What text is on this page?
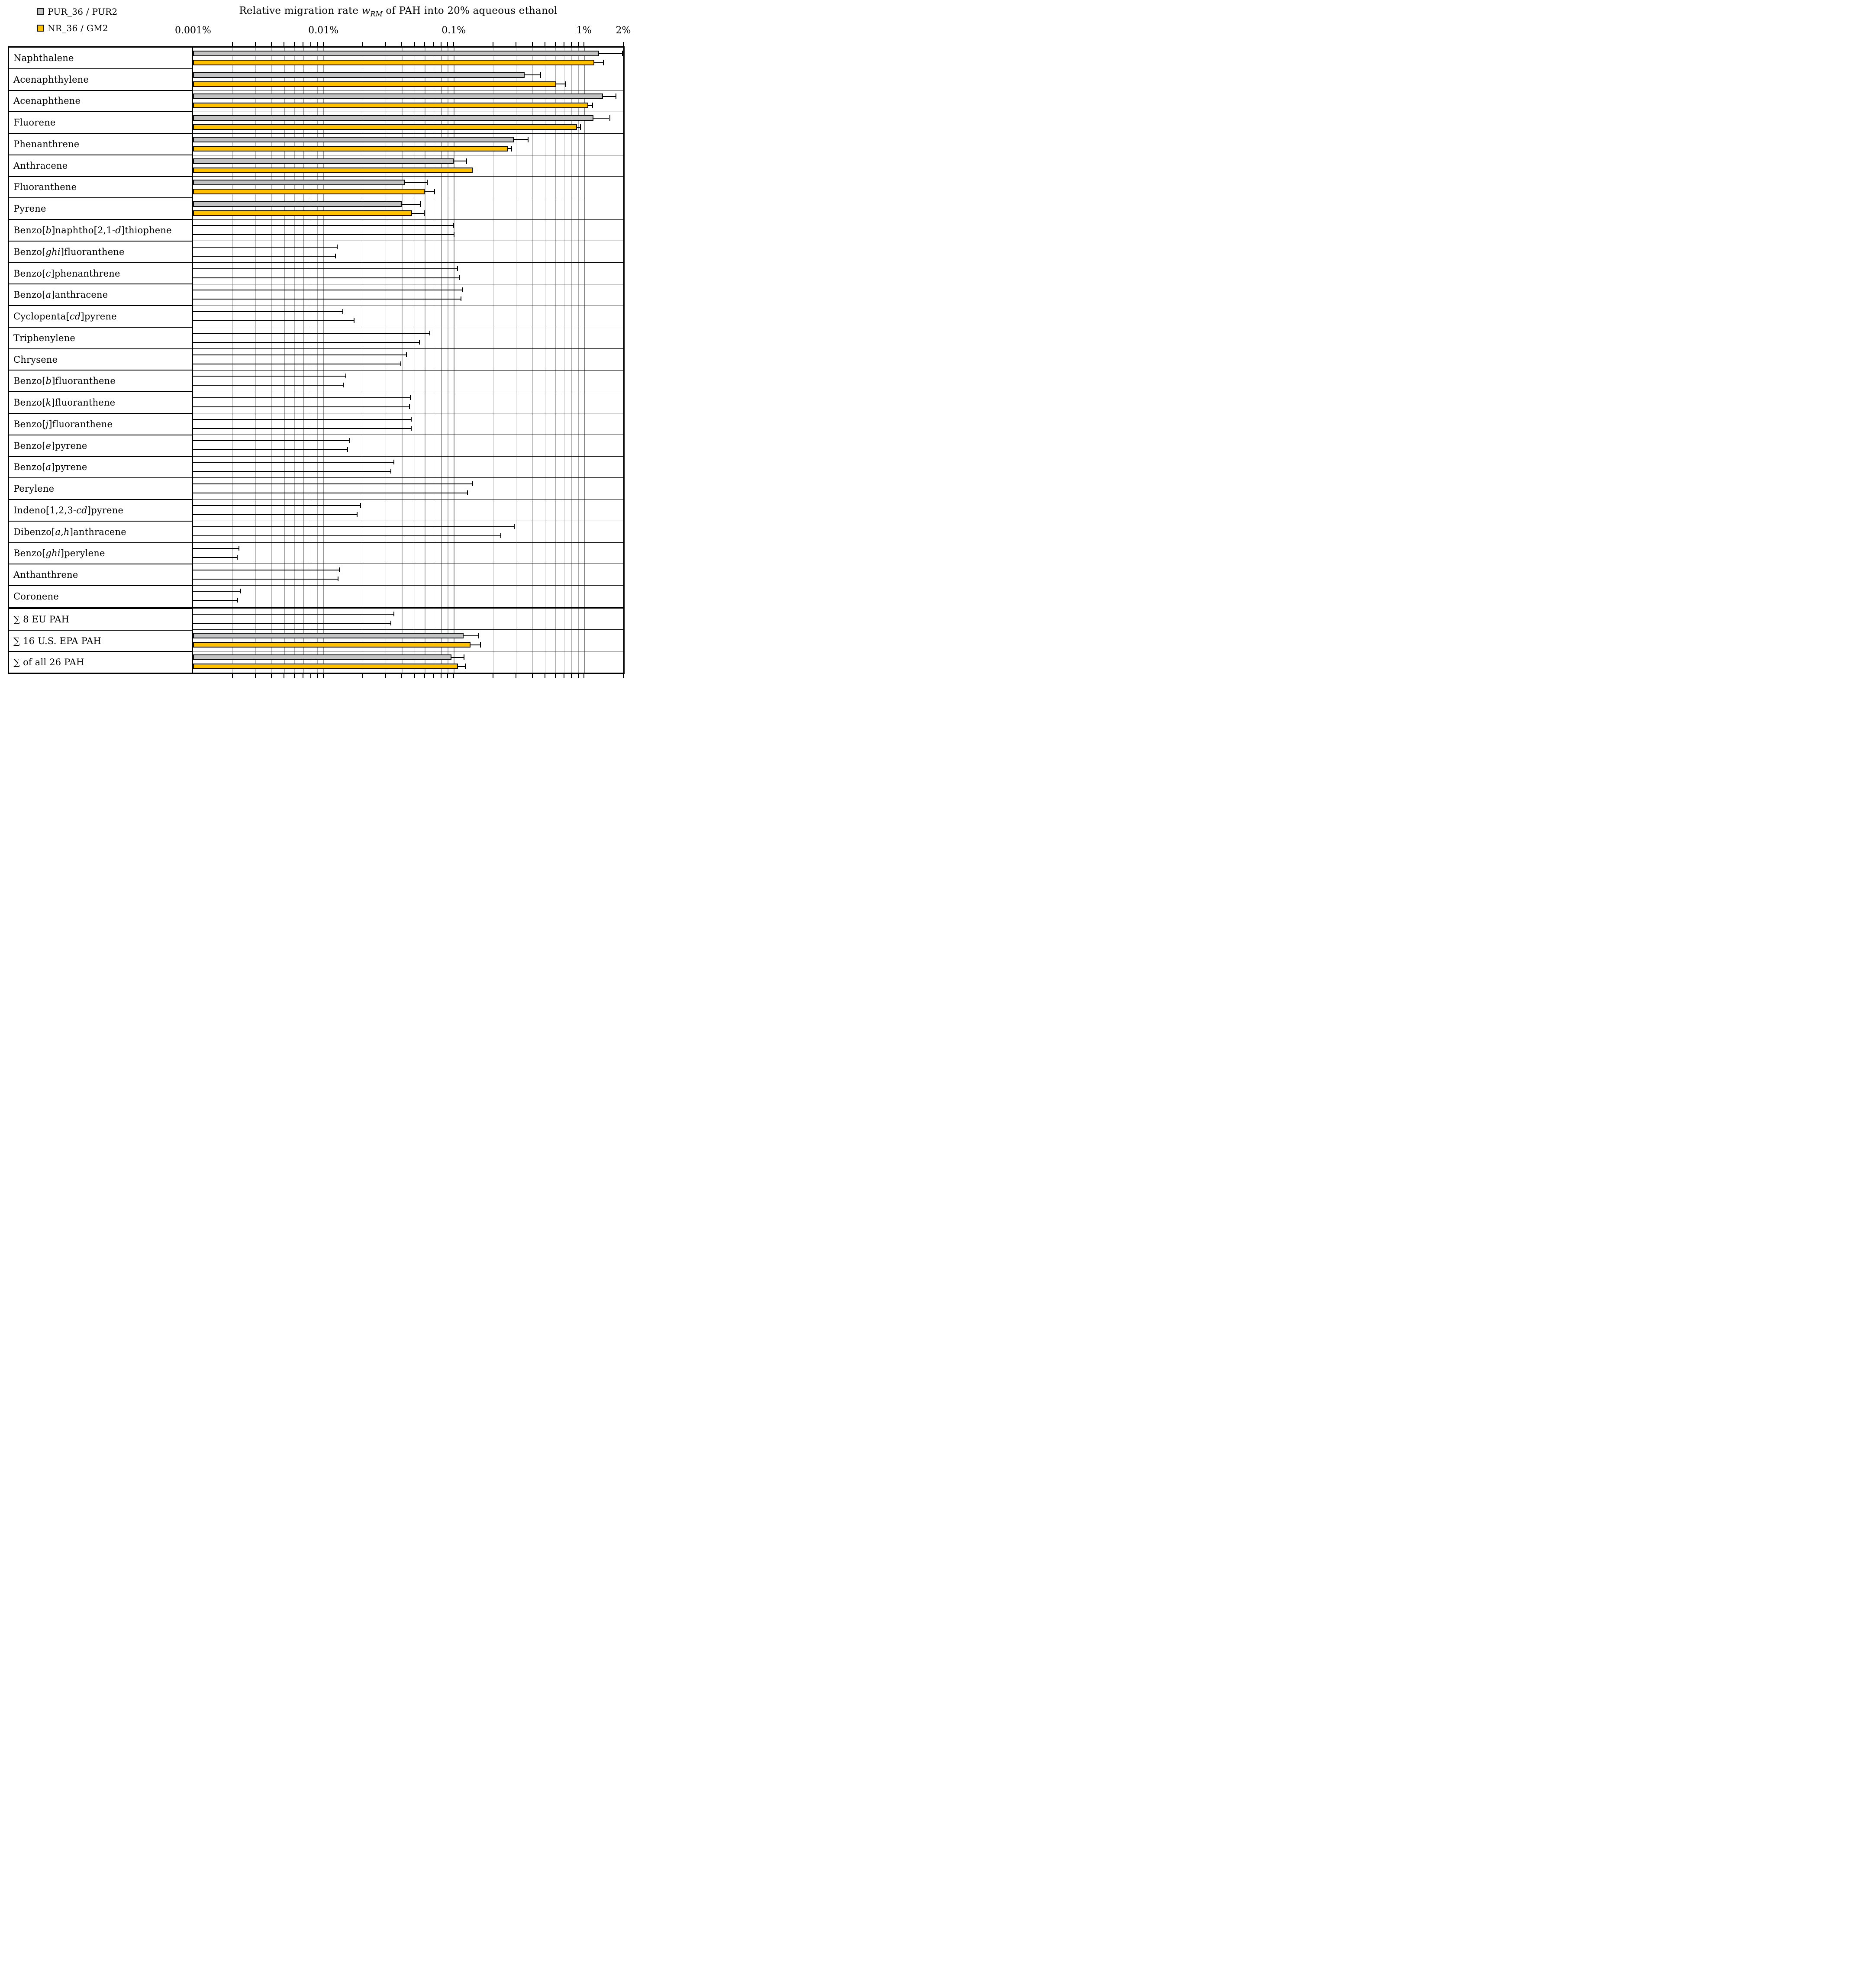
PUR_36 / PUR2
NR_36 / GM2
Relative migration rate $w_{RM}$ of PAH into 20% aqueous ethanol
0.001%	0.01%	0.1%	1%	2%
Naphthalene
Acenaphthylene
Acenaphthene
Fluorene
Phenanthrene
Anthracene
Fluoranthene
Pyrene
Benzo[ b ]naphtho[2,1- d ]thiophene
Benzo[ ghi ]fluoranthene
Benzo[ c ]phenanthrene
Benzo[ a ]anthracene
Cyclopenta[ cd ]pyrene
Triphenylene
Chrysene
Benzo[ b ]fluoranthene
Benzo[ k ]fluoranthene
Benzo[ j ]fluoranthene
Benzo[ e ]pyrene
Benzo[ a ]pyrene
Perylene
Indeno[1,2,3- cd ]pyrene
Dibenzo[ a,h ]anthracene
Benzo[ ghi ]perylene
Anthanthrene
Coronene
∑ 8 EU PAH
∑ 16 U.S. EPA PAH
∑ of all 26 PAH
